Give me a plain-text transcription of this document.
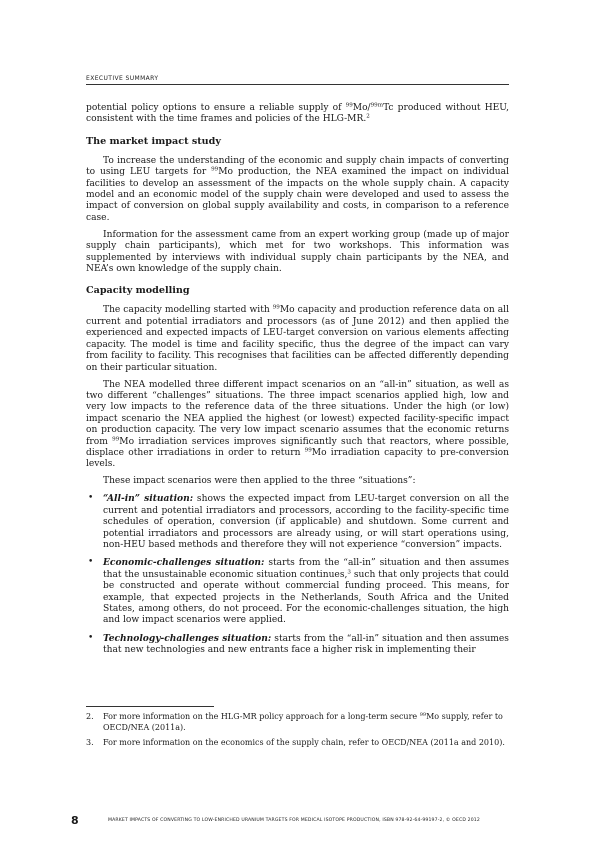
EXECUTIVE SUMMARY

potential policy options to ensure a reliable supply of $^{99}$Mo/$^{99m}$Tc produced without HEU, consistent with the time frames and policies of the HLG-MR.$^2$

The market impact study

To increase the understanding of the economic and supply chain impacts of converting to using LEU targets for $^{99}$Mo production, the NEA examined the impact on individual facilities to develop an assessment of the impacts on the whole supply chain. A capacity model and an economic model of the supply chain were developed and used to assess the impact of conversion on global supply availability and costs, in comparison to a reference case.

Information for the assessment came from an expert working group (made up of major supply chain participants), which met for two workshops. This information was supplemented by interviews with individual supply chain participants by the NEA, and NEA’s own knowledge of the supply chain.

Capacity modelling

The capacity modelling started with $^{99}$Mo capacity and production reference data on all current and potential irradiators and processors (as of June 2012) and then applied the experienced and expected impacts of LEU-target conversion on various elements affecting capacity. The model is time and facility specific, thus the degree of the impact can vary from facility to facility. This recognises that facilities can be affected differently depending on their particular situation.

The NEA modelled three different impact scenarios on an “all-in” situation, as well as two different “challenges” situations. The three impact scenarios applied high, low and very low impacts to the reference data of the three situations. Under the high (or low) impact scenario the NEA applied the highest (or lowest) expected facility-specific impact on production capacity. The very low impact scenario assumes that the economic returns from $^{99}$Mo irradiation services improves significantly such that reactors, where possible, displace other irradiations in order to return $^{99}$Mo irradiation capacity to pre-conversion levels.

These impact scenarios were then applied to the three “situations”:

• “All-in” situation: shows the expected impact from LEU-target conversion on all the current and potential irradiators and processors, according to the facility-specific time schedules of operation, conversion (if applicable) and shutdown. Some current and potential irradiators and processors are already using, or will start operations using, non-HEU based methods and therefore they will not experience “conversion” impacts.
• Economic-challenges situation: starts from the “all-in” situation and then assumes that the unsustainable economic situation continues,$^3$ such that only projects that could be constructed and operate without commercial funding proceed. This means, for example, that expected projects in the Netherlands, South Africa and the United States, among others, do not proceed. For the economic-challenges situation, the high and low impact scenarios were applied.
• Technology-challenges situation: starts from the “all-in” situation and then assumes that new technologies and new entrants face a higher risk in implementing their
2. For more information on the HLG-MR policy approach for a long-term secure $^{99}$Mo supply, refer to OECD/NEA (2011a).
3. For more information on the economics of the supply chain, refer to OECD/NEA (2011a and 2010).
8	MARKET IMPACTS OF CONVERTING TO LOW-ENRICHED URANIUM TARGETS FOR MEDICAL ISOTOPE PRODUCTION, ISBN 978-92-64-99197-2, © OECD 2012
